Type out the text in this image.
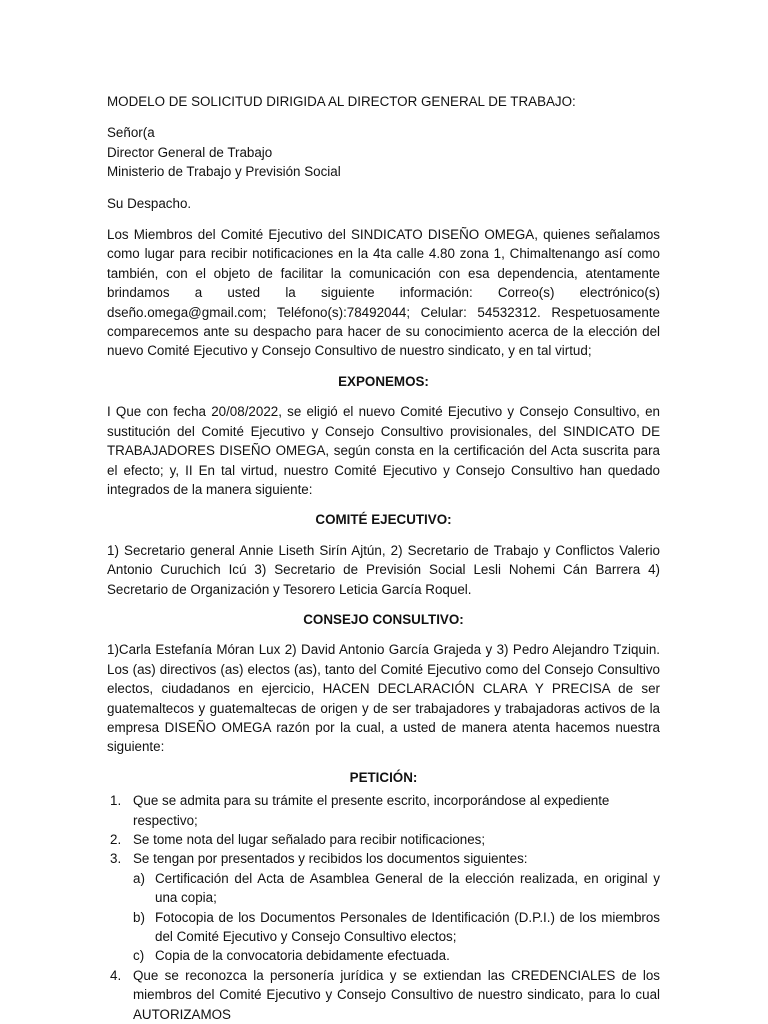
MODELO DE SOLICITUD DIRIGIDA AL DIRECTOR GENERAL DE TRABAJO:

Señor(a

Director General de Trabajo

Ministerio de Trabajo y Previsión Social

Su Despacho.

Los Miembros del Comité Ejecutivo del SINDICATO DISEÑO OMEGA, quienes señalamos como lugar para recibir notificaciones en la 4ta calle 4.80 zona 1, Chimaltenango así como también, con el objeto de facilitar la comunicación con esa dependencia, atentamente brindamos a usted la siguiente información: Correo(s) electrónico(s) dseño.omega@gmail.com; Teléfono(s):78492044; Celular: 54532312. Respetuosamente comparecemos ante su despacho para hacer de su conocimiento acerca de la elección del nuevo Comité Ejecutivo y Consejo Consultivo de nuestro sindicato, y en tal virtud;

EXPONEMOS:

I Que con fecha 20/08/2022, se eligió el nuevo Comité Ejecutivo y Consejo Consultivo, en sustitución del Comité Ejecutivo y Consejo Consultivo provisionales, del SINDICATO DE TRABAJADORES DISEÑO OMEGA, según consta en la certificación del Acta suscrita para el efecto; y, II En tal virtud, nuestro Comité Ejecutivo y Consejo Consultivo han quedado integrados de la manera siguiente:

COMITÉ EJECUTIVO:

1) Secretario general Annie Liseth Sirín Ajtún, 2) Secretario de Trabajo y Conflictos Valerio Antonio Curuchich Icú 3) Secretario de Previsión Social Lesli Nohemi Cán Barrera 4) Secretario de Organización y Tesorero Leticia García Roquel.

CONSEJO CONSULTIVO:

1)Carla Estefanía Móran Lux 2) David Antonio García Grajeda y 3) Pedro Alejandro Tziquin. Los (as) directivos (as) electos (as), tanto del Comité Ejecutivo como del Consejo Consultivo electos, ciudadanos en ejercicio, HACEN DECLARACIÓN CLARA Y PRECISA de ser guatemaltecos y guatemaltecas de origen y de ser trabajadores y trabajadoras activos de la empresa DISEÑO OMEGA razón por la cual, a usted de manera atenta hacemos nuestra siguiente:

PETICIÓN:

1. Que se admita para su trámite el presente escrito, incorporándose al expediente respectivo;
2. Se tome nota del lugar señalado para recibir notificaciones;
3. Se tengan por presentados y recibidos los documentos siguientes:
a) Certificación del Acta de Asamblea General de la elección realizada, en original y una copia;
b) Fotocopia de los Documentos Personales de Identificación (D.P.I.) de los miembros del Comité Ejecutivo y Consejo Consultivo electos;
c) Copia de la convocatoria debidamente efectuada.
4. Que se reconozca la personería jurídica y se extiendan las CREDENCIALES de los miembros del Comité Ejecutivo y Consejo Consultivo de nuestro sindicato, para lo cual AUTORIZAMOS
